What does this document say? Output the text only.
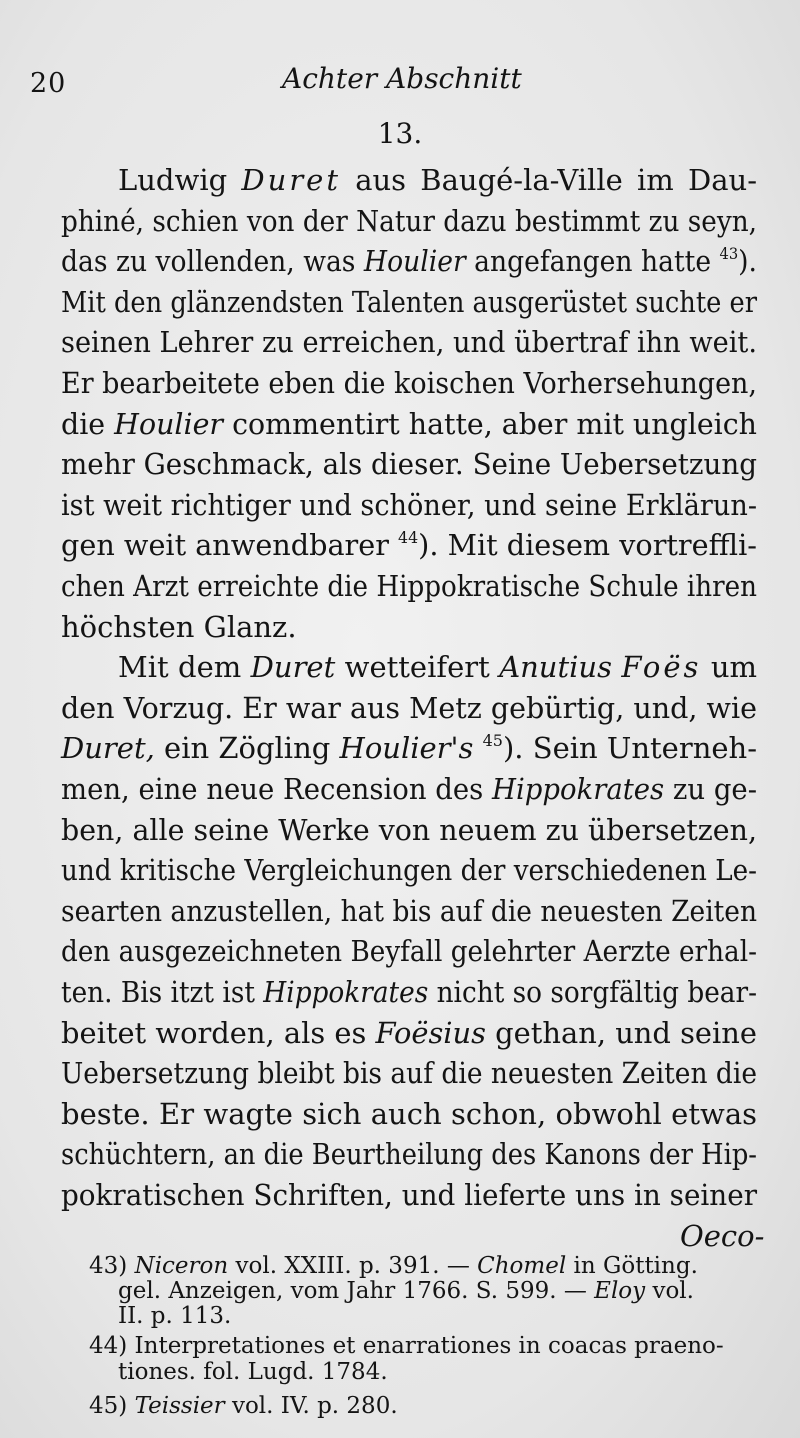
20	Achter Abschnitt
13.
Ludwig Duret aus Baugé-la-Ville im Dau-
phiné, schien von der Natur dazu bestimmt zu seyn,
das zu vollenden, was Houlier angefangen hatte $^{43}$).
Mit den glänzendsten Talenten ausgerüstet suchte er
seinen Lehrer zu erreichen, und übertraf ihn weit.
Er bearbeitete eben die koischen Vorhersehungen,
die Houlier commentirt hatte, aber mit ungleich
mehr Geschmack, als dieser. Seine Uebersetzung
ist weit richtiger und schöner, und seine Erklärun-
gen weit anwendbarer $^{44}$). Mit diesem vortreffli-
chen Arzt erreichte die Hippokratische Schule ihren
höchsten Glanz.
Mit dem Duret wetteifert Anutius Foës um
den Vorzug. Er war aus Metz gebürtig, und, wie
Duret, ein Zögling Houlier's $^{45}$). Sein Unterneh-
men, eine neue Recension des Hippokrates zu ge-
ben, alle seine Werke von neuem zu übersetzen,
und kritische Vergleichungen der verschiedenen Le-
searten anzustellen, hat bis auf die neuesten Zeiten
den ausgezeichneten Beyfall gelehrter Aerzte erhal-
ten. Bis itzt ist Hippokrates nicht so sorgfältig bear-
beitet worden, als es Foësius gethan, und seine
Uebersetzung bleibt bis auf die neuesten Zeiten die
beste. Er wagte sich auch schon, obwohl etwas
schüchtern, an die Beurtheilung des Kanons der Hip-
pokratischen Schriften, und lieferte uns in seiner
Oeco-
43) Niceron vol. XXIII. p. 391. — Chomel in Götting.
gel. Anzeigen, vom Jahr 1766. S. 599. — Eloy vol.
II. p. 113.
44) Interpretationes et enarrationes in coacas praeno-
tiones. fol. Lugd. 1784.
45) Teissier vol. IV. p. 280.
